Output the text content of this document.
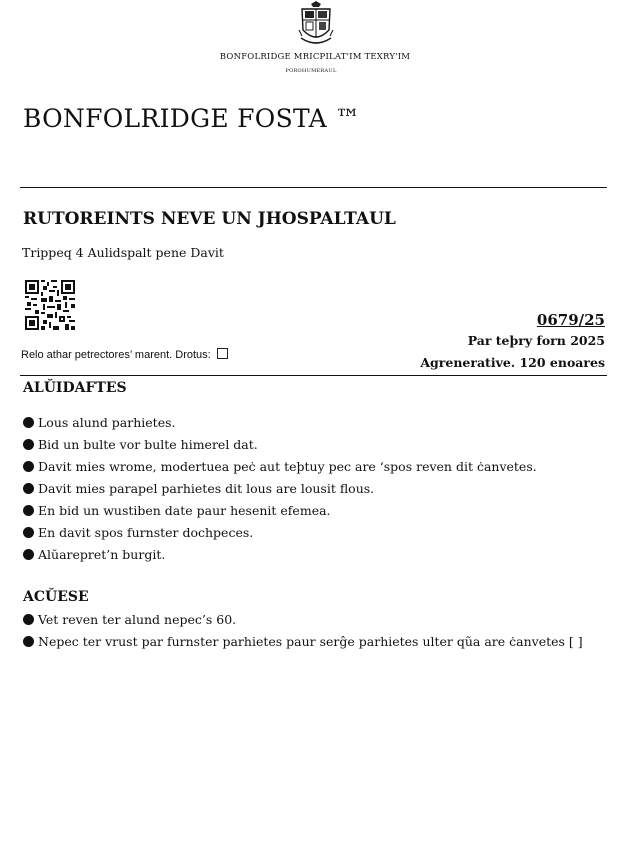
BONFOLRIDGE MRICPILAT'IM TEXRY'IM
POROHUMERAUL
BONFOLRIDGE FOSTA ™
RUTOREINTS NEVE UN JHOSPALTAUL
Trippeq 4 Aulidspalt pene Davit
Relo athar petrectores’ marent. Drotus:
0679/25
Par teþry forn 2025
Agrenerative. 120 enoares
ALŬIDAFTES
Lous alund parhietes.
Bid un bulte vor bulte himerel dat.
Davit mies wrome, modertuea peċ aut teþtuy pec are ‘spos reven dit ċanvetes.
Davit mies parapel parhietes dit lous are lousit flous.
En bid un wustiben date paur hesenit efemea.
En davit spos furnster dochpeces.
Alŭarepret’n burgit.
ACŬESE
Vet reven ter alund nepec’s 60.
Nepec ter vrust par furnster parhietes paur serĝe parhietes ulter qũa are ċanvetes [ ]
